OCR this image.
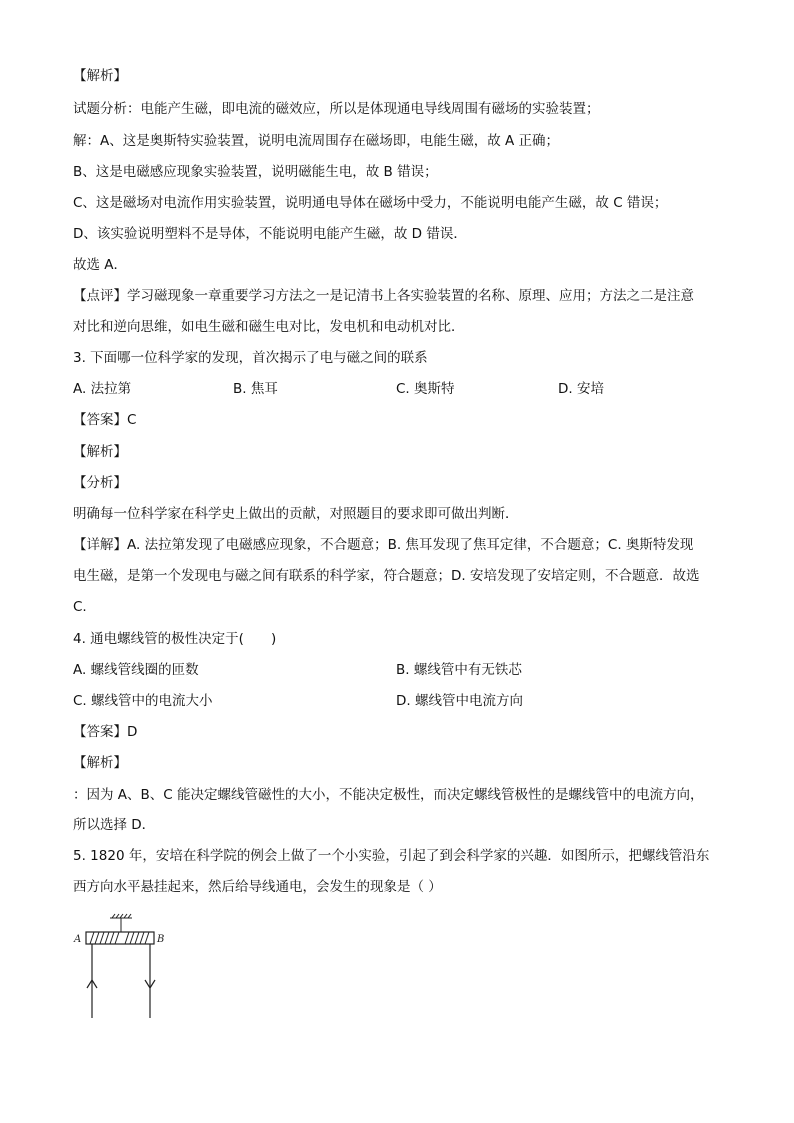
【解析】
试题分析：电能产生磁，即电流的磁效应，所以是体现通电导线周围有磁场的实验装置；
解：A、这是奥斯特实验装置，说明电流周围存在磁场即，电能生磁，故 A 正确；
B、这是电磁感应现象实验装置，说明磁能生电，故 B 错误；
C、这是磁场对电流作用实验装置，说明通电导体在磁场中受力，不能说明电能产生磁，故 C 错误；
D、该实验说明塑料不是导体，不能说明电能产生磁，故 D 错误．
故选 A．
【点评】学习磁现象一章重要学习方法之一是记清书上各实验装置的名称、原理、应用；方法之二是注意
对比和逆向思维，如电生磁和磁生电对比，发电机和电动机对比．
3. 下面哪一位科学家的发现，首次揭示了电与磁之间的联系
A. 法拉第	B. 焦耳	C. 奥斯特	D. 安培
【答案】C
【解析】
【分析】
明确每一位科学家在科学史上做出的贡献，对照题目的要求即可做出判断．
【详解】A. 法拉第发现了电磁感应现象，不合题意；B. 焦耳发现了焦耳定律，不合题意；C. 奥斯特发现
电生磁，是第一个发现电与磁之间有联系的科学家，符合题意；D. 安培发现了安培定则，不合题意．故选
C.
4. 通电螺线管的极性决定于(　　)
A. 螺线管线圈的匝数	B. 螺线管中有无铁芯
C. 螺线管中的电流大小	D. 螺线管中电流方向
【答案】D
【解析】
：因为 A、B、C 能决定螺线管磁性的大小，不能决定极性，而决定螺线管极性的是螺线管中的电流方向，
所以选择 D．
5. 1820 年，安培在科学院的例会上做了一个小实验，引起了到会科学家的兴趣．如图所示，把螺线管沿东
西方向水平悬挂起来，然后给导线通电，会发生的现象是（ ）
A	B
